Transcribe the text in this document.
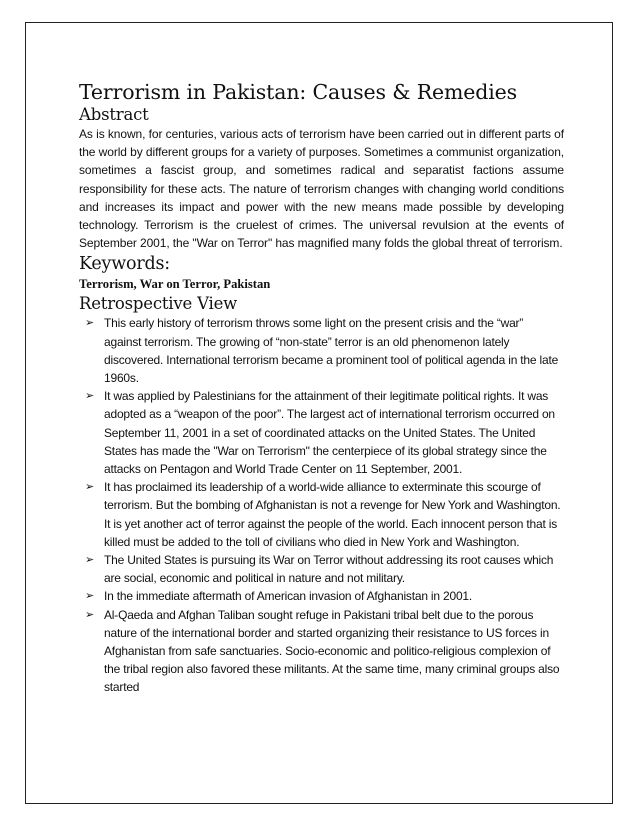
Terrorism in Pakistan: Causes & Remedies
Abstract

As is known, for centuries, various acts of terrorism have been carried out in different parts of the world by different groups for a variety of purposes. Sometimes a communist organization, sometimes a fascist group, and sometimes radical and separatist factions assume responsibility for these acts. The nature of terrorism changes with changing world conditions and increases its impact and power with the new means made possible by developing technology. Terrorism is the cruelest of crimes. The universal revulsion at the events of September 2001, the "War on Terror" has magnified many folds the global threat of terrorism.

Keywords:

Terrorism, War on Terror, Pakistan

Retrospective View
➢ This early history of terrorism throws some light on the present crisis and the “war” against terrorism. The growing of “non-state” terror is an old phenomenon lately discovered. International terrorism became a prominent tool of political agenda in the late 1960s.
➢ It was applied by Palestinians for the attainment of their legitimate political rights. It was adopted as a “weapon of the poor”. The largest act of international terrorism occurred on September 11, 2001 in a set of coordinated attacks on the United States. The United States has made the "War on Terrorism" the centerpiece of its global strategy since the attacks on Pentagon and World Trade Center on 11 September, 2001.
➢ It has proclaimed its leadership of a world-wide alliance to exterminate this scourge of terrorism. But the bombing of Afghanistan is not a revenge for New York and Washington. It is yet another act of terror against the people of the world. Each innocent person that is killed must be added to the toll of civilians who died in New York and Washington.
➢ The United States is pursuing its War on Terror without addressing its root causes which are social, economic and political in nature and not military.
➢ In the immediate aftermath of American invasion of Afghanistan in 2001.
➢ Al-Qaeda and Afghan Taliban sought refuge in Pakistani tribal belt due to the porous nature of the international border and started organizing their resistance to US forces in Afghanistan from safe sanctuaries. Socio-economic and politico-religious complexion of the tribal region also favored these militants. At the same time, many criminal groups also started
